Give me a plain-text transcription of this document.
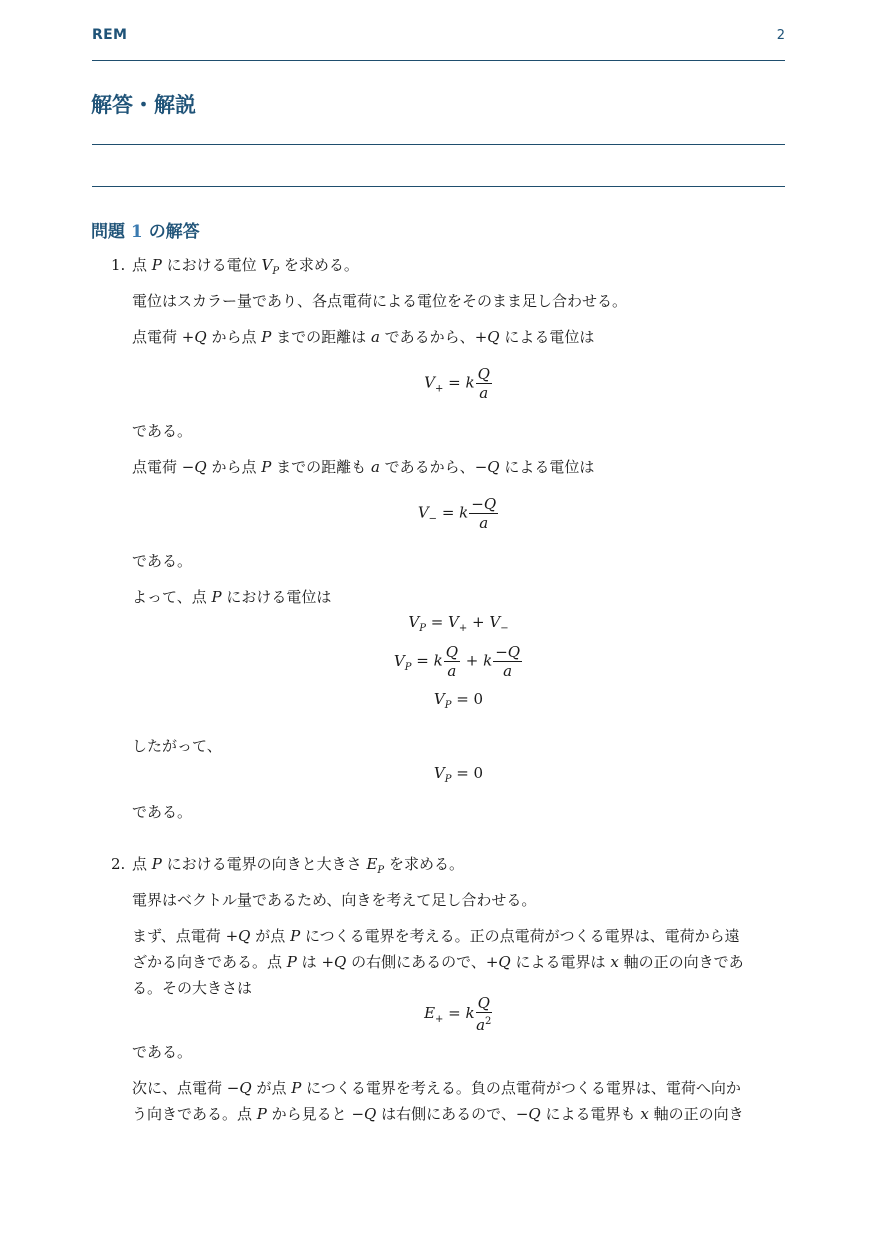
REM	2
解答・解説
問題 1 の解答
1. 点 P における電位 $V_P$ を求める。
電位はスカラー量であり、各点電荷による電位をそのまま足し合わせる。
点電荷 +Q から点 P までの距離は a であるから、+Q による電位は
$V_+ = k \frac{Q}{a}$
である。
点電荷 −Q から点 P までの距離も a であるから、−Q による電位は
$V_- = k \frac{-Q}{a}$
である。
よって、点 P における電位は
$V_P = V_+ + V_-$
$V_P = k \frac{Q}{a} + k \frac{-Q}{a}$
$V_P = 0$
したがって、
$V_P = 0$
である。
2. 点 P における電界の向きと大きさ $E_P$ を求める。
電界はベクトル量であるため、向きを考えて足し合わせる。
まず、点電荷 +Q が点 P につくる電界を考える。正の点電荷がつくる電界は、電荷から遠
ざかる向きである。点 P は +Q の右側にあるので、+Q による電界は x 軸の正の向きであ
る。その大きさは
$E_+ = k \frac{Q}{a^2}$
である。
次に、点電荷 −Q が点 P につくる電界を考える。負の点電荷がつくる電界は、電荷へ向か
う向きである。点 P から見ると −Q は右側にあるので、−Q による電界も x 軸の正の向き
